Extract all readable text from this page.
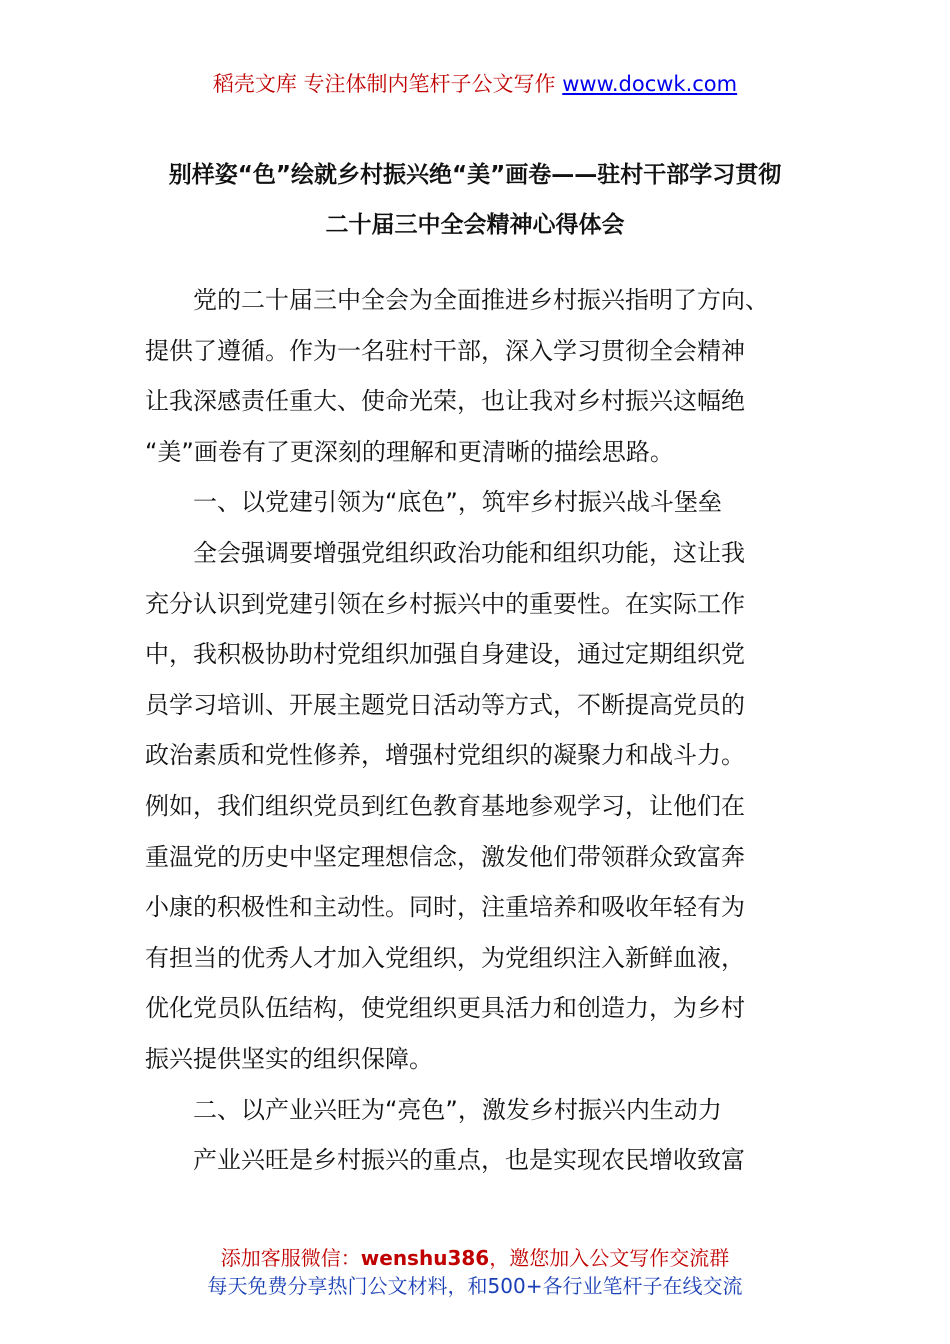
稻壳文库 专注体制内笔杆子公文写作 www.docwk.com
别样姿“色”绘就乡村振兴绝“美”画卷——驻村干部学习贯彻
二十届三中全会精神心得体会
党的二十届三中全会为全面推进乡村振兴指明了方向、
提供了遵循。作为一名驻村干部，深入学习贯彻全会精神
让我深感责任重大、使命光荣，也让我对乡村振兴这幅绝
“美”画卷有了更深刻的理解和更清晰的描绘思路。
一、以党建引领为“底色”，筑牢乡村振兴战斗堡垒
全会强调要增强党组织政治功能和组织功能，这让我
充分认识到党建引领在乡村振兴中的重要性。在实际工作
中，我积极协助村党组织加强自身建设，通过定期组织党
员学习培训、开展主题党日活动等方式，不断提高党员的
政治素质和党性修养，增强村党组织的凝聚力和战斗力。
例如，我们组织党员到红色教育基地参观学习，让他们在
重温党的历史中坚定理想信念，激发他们带领群众致富奔
小康的积极性和主动性。同时，注重培养和吸收年轻有为
有担当的优秀人才加入党组织，为党组织注入新鲜血液，
优化党员队伍结构，使党组织更具活力和创造力，为乡村
振兴提供坚实的组织保障。
二、以产业兴旺为“亮色”，激发乡村振兴内生动力
产业兴旺是乡村振兴的重点，也是实现农民增收致富
添加客服微信：wenshu386，邀您加入公文写作交流群
每天免费分享热门公文材料，和500+各行业笔杆子在线交流
